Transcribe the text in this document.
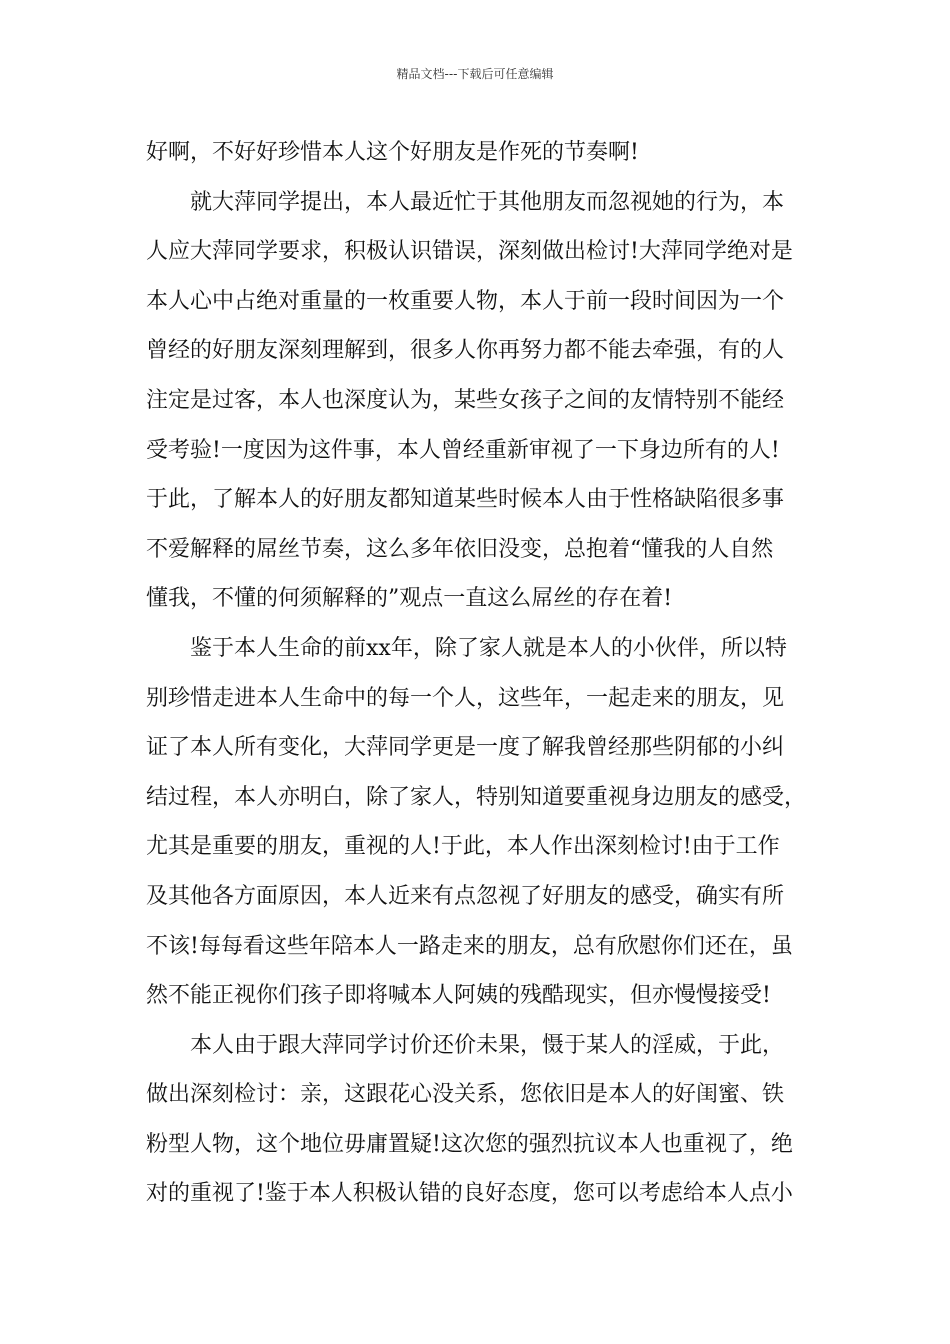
精品文档---下载后可任意编辑
好啊，不好好珍惜本人这个好朋友是作死的节奏啊!
就大萍同学提出，本人最近忙于其他朋友而忽视她的行为，本
人应大萍同学要求，积极认识错误，深刻做出检讨!大萍同学绝对是
本人心中占绝对重量的一枚重要人物，本人于前一段时间因为一个
曾经的好朋友深刻理解到，很多人你再努力都不能去牵强，有的人
注定是过客，本人也深度认为，某些女孩子之间的友情特别不能经
受考验!一度因为这件事，本人曾经重新审视了一下身边所有的人!
于此，了解本人的好朋友都知道某些时候本人由于性格缺陷很多事
不爱解释的屌丝节奏，这么多年依旧没变，总抱着“懂我的人自然
懂我，不懂的何须解释的”观点一直这么屌丝的存在着!
鉴于本人生命的前xx年，除了家人就是本人的小伙伴，所以特
别珍惜走进本人生命中的每一个人，这些年，一起走来的朋友，见
证了本人所有变化，大萍同学更是一度了解我曾经那些阴郁的小纠
结过程，本人亦明白，除了家人，特别知道要重视身边朋友的感受，
尤其是重要的朋友，重视的人!于此，本人作出深刻检讨!由于工作
及其他各方面原因，本人近来有点忽视了好朋友的感受，确实有所
不该!每每看这些年陪本人一路走来的朋友，总有欣慰你们还在，虽
然不能正视你们孩子即将喊本人阿姨的残酷现实，但亦慢慢接受!
本人由于跟大萍同学讨价还价未果，慑于某人的淫威，于此，
做出深刻检讨：亲，这跟花心没关系，您依旧是本人的好闺蜜、铁
粉型人物，这个地位毋庸置疑!这次您的强烈抗议本人也重视了，绝
对的重视了!鉴于本人积极认错的良好态度，您可以考虑给本人点小
